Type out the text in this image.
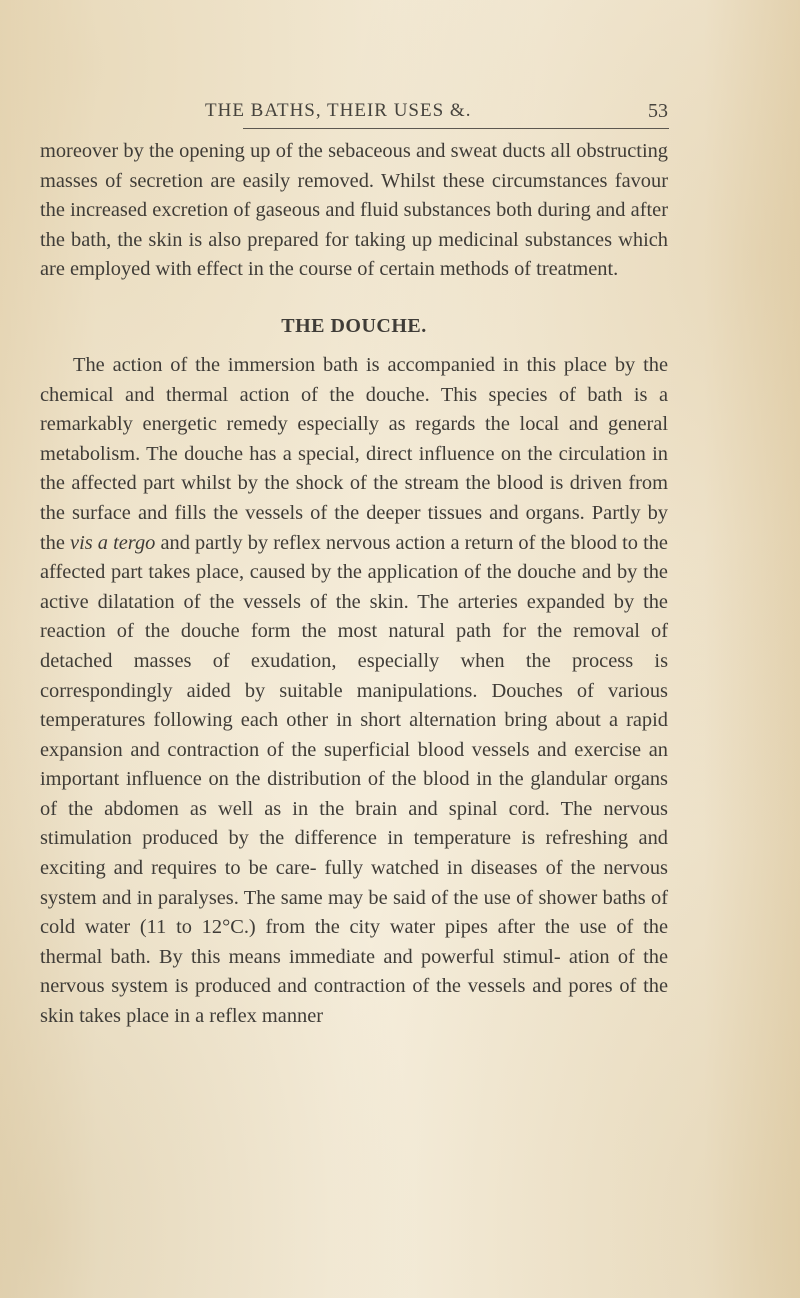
THE BATHS, THEIR USES &.	53

moreover by the opening up of the sebaceous and sweat ducts all obstructing masses of secretion are easily removed. Whilst these circumstances favour the increased excretion of gaseous and fluid substances both during and after the bath, the skin is also prepared for taking up medicinal substances which are employed with effect in the course of certain methods of treatment.

THE DOUCHE.

The action of the immersion bath is accompanied in this place by the chemical and thermal action of the douche. This species of bath is a remarkably energetic remedy especially as regards the local and general metabolism. The douche has a special, direct influence on the circulation in the affected part whilst by the shock of the stream the blood is driven from the surface and fills the vessels of the deeper tissues and organs. Partly by the vis a tergo and partly by reflex nervous action a return of the blood to the affected part takes place, caused by the application of the douche and by the active dilatation of the vessels of the skin. The arteries expanded by the reaction of the douche form the most natural path for the removal of detached masses of exudation, especially when the process is correspondingly aided by suitable manipulations. Douches of various temperatures following each other in short alternation bring about a rapid expansion and contraction of the superficial blood vessels and exercise an important influence on the distribution of the blood in the glandular organs of the abdomen as well as in the brain and spinal cord. The nervous stimulation produced by the difference in temperature is refreshing and exciting and requires to be care- fully watched in diseases of the nervous system and in paralyses. The same may be said of the use of shower baths of cold water (11 to 12°C.) from the city water pipes after the use of the thermal bath. By this means immediate and powerful stimul- ation of the nervous system is produced and contraction of the vessels and pores of the skin takes place in a reflex manner
